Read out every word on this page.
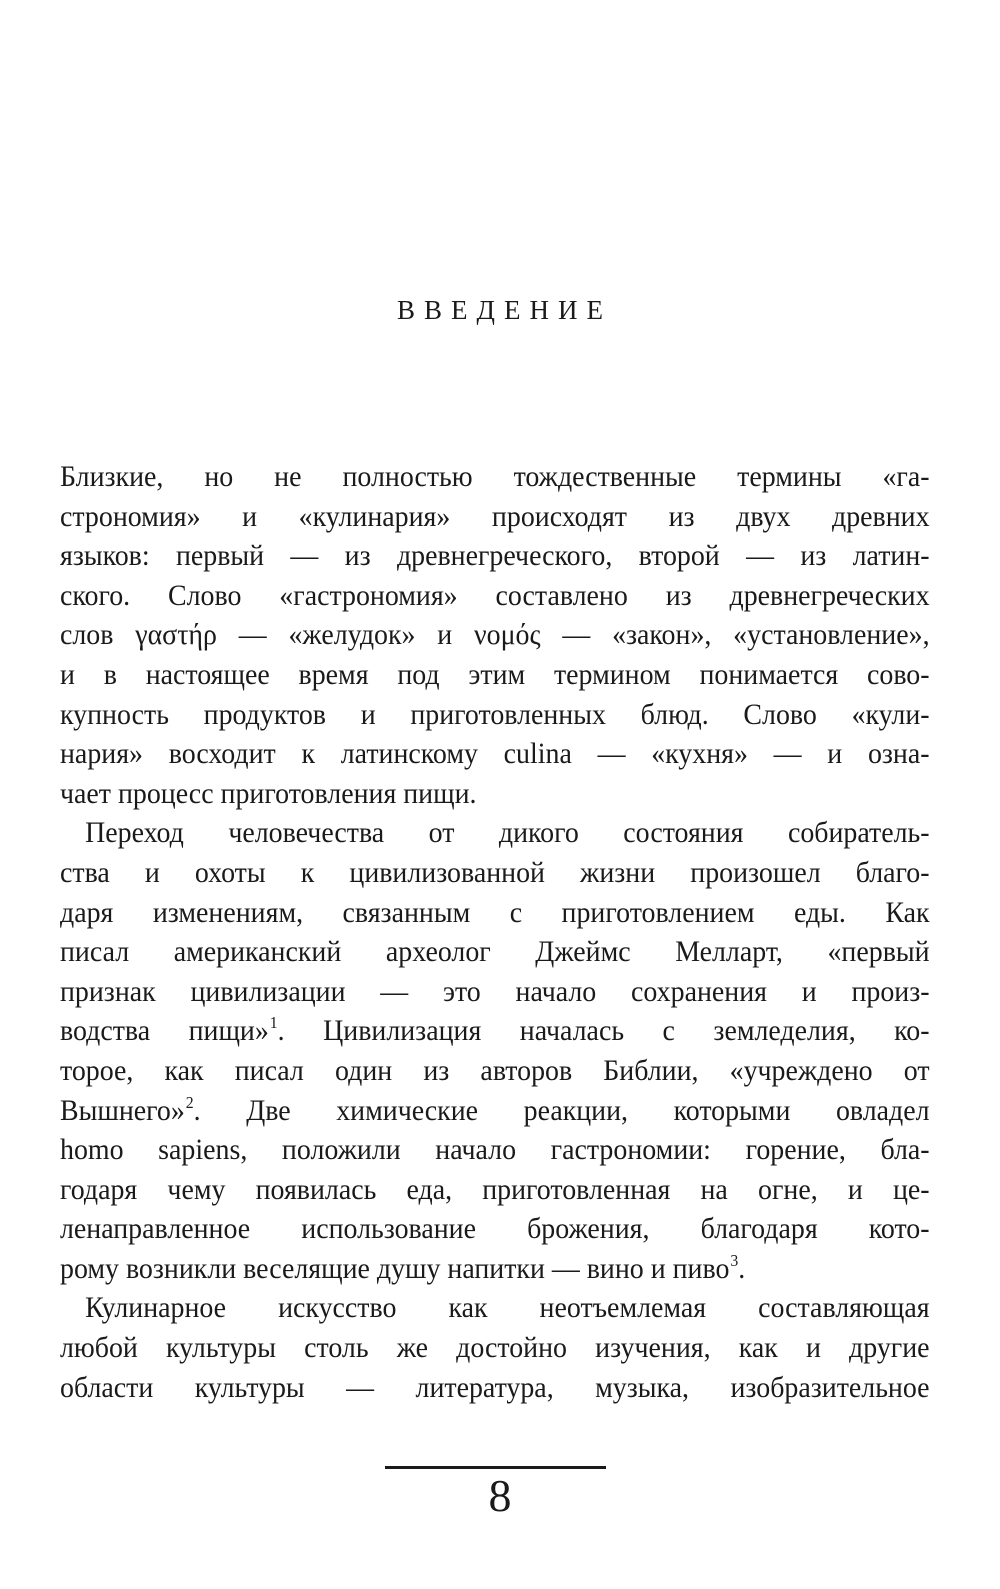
ВВЕДЕНИЕ
Близкие, но не полностью тождественные термины «га-
строномия» и «кулинария» происходят из двух древних
языков: первый — из древнегреческого, второй — из латин-
ского. Слово «гастрономия» составлено из древнегреческих
слов γαστήρ — «желудок» и νομός — «закон», «установление»,
и в настоящее время под этим термином понимается сово-
купность продуктов и приготовленных блюд. Слово «кули-
нария» восходит к латинскому culina — «кухня» — и озна-
чает процесс приготовления пищи.
Переход человечества от дикого состояния собиратель-
ства и охоты к цивилизованной жизни произошел благо-
даря изменениям, связанным с приготовлением еды. Как
писал американский археолог Джеймс Мелларт, «первый
признак цивилизации — это начало сохранения и произ-
водства пищи»$^1$. Цивилизация началась с земледелия, ко-
торое, как писал один из авторов Библии, «учреждено от
Вышнего»$^2$. Две химические реакции, которыми овладел
homo sapiens, положили начало гастрономии: горение, бла-
годаря чему появилась еда, приготовленная на огне, и це-
ленаправленное использование брожения, благодаря кото-
рому возникли веселящие душу напитки — вино и пиво$^3$.
Кулинарное искусство как неотъемлемая составляющая
любой культуры столь же достойно изучения, как и другие
области культуры — литература, музыка, изобразительное
8
